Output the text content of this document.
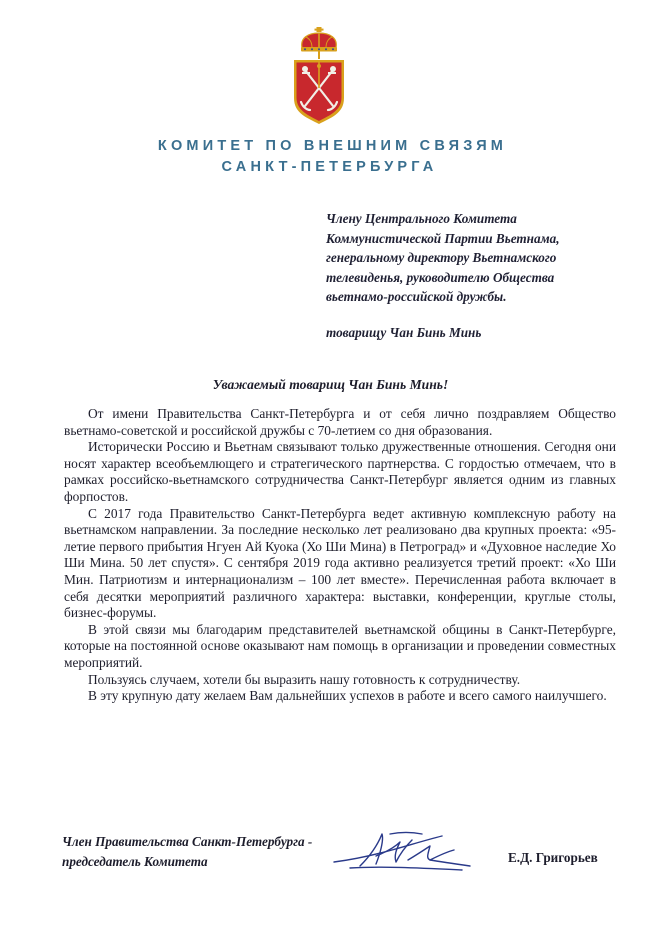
КОМИТЕТ ПО ВНЕШНИМ СВЯЗЯМ
САНКТ-ПЕТЕРБУРГА
Члену Центрального Комитета
Коммунистической Партии Вьетнама,
генеральному директору Вьетнамского
телевиденья, руководителю Общества
вьетнамо-российской дружбы.
товарищу Чан Бинь Минь
Уважаемый товарищ Чан Бинь Минь!

От имени Правительства Санкт-Петербурга и от себя лично поздравляем Общество вьетнамо-советской и российской дружбы с 70-летием со дня образования.

Исторически Россию и Вьетнам связывают только дружественные отношения. Сегодня они носят характер всеобъемлющего и стратегического партнерства. С гордостью отмечаем, что в рамках российско-вьетнамского сотрудничества Санкт-Петербург является одним из главных форпостов.

С 2017 года Правительство Санкт-Петербурга ведет активную комплексную работу на вьетнамском направлении. За последние несколько лет реализовано два крупных проекта: «95-летие первого прибытия Нгуен Ай Куока (Хо Ши Мина) в Петроград» и «Духовное наследие Хо Ши Мина. 50 лет спустя». С сентября 2019 года активно реализуется третий проект: «Хо Ши Мин. Патриотизм и интернационализм – 100 лет вместе». Перечисленная работа включает в себя десятки мероприятий различного характера: выставки, конференции, круглые столы, бизнес-форумы.

В этой связи мы благодарим представителей вьетнамской общины в Санкт-Петербурге, которые на постоянной основе оказывают нам помощь в организации и проведении совместных мероприятий.

Пользуясь случаем, хотели бы выразить нашу готовность к сотрудничеству.

В эту крупную дату желаем Вам дальнейших успехов в работе и всего самого наилучшего.

Член Правительства Санкт-Петербурга -
председатель Комитета	Е.Д. Григорьев
